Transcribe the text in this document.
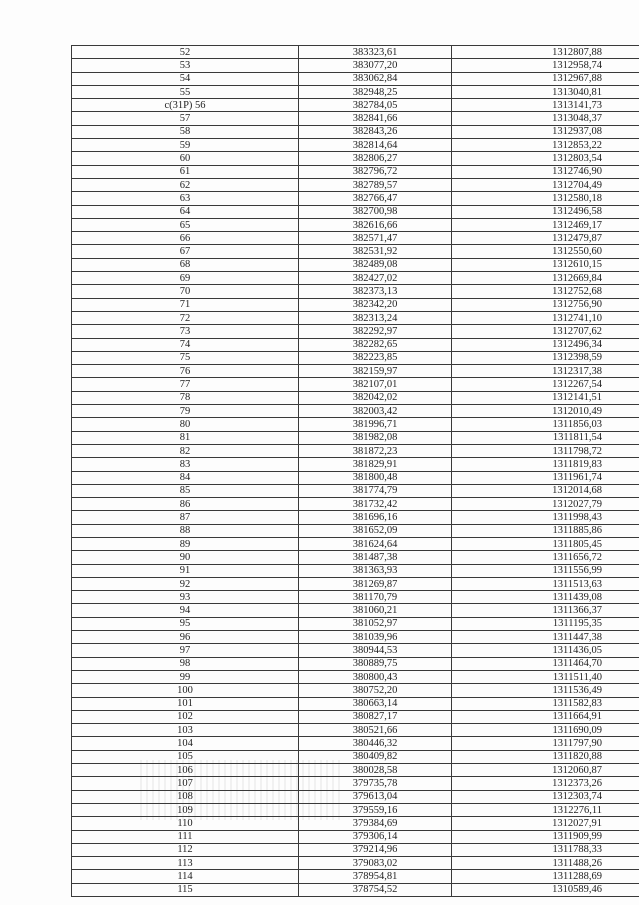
52	383323,61	1312807,88
53	383077,20	1312958,74
54	383062,84	1312967,88
55	382948,25	1313040,81
c(31P) 56	382784,05	1313141,73
57	382841,66	1313048,37
58	382843,26	1312937,08
59	382814,64	1312853,22
60	382806,27	1312803,54
61	382796,72	1312746,90
62	382789,57	1312704,49
63	382766,47	1312580,18
64	382700,98	1312496,58
65	382616,66	1312469,17
66	382571,47	1312479,87
67	382531,92	1312550,60
68	382489,08	1312610,15
69	382427,02	1312669,84
70	382373,13	1312752,68
71	382342,20	1312756,90
72	382313,24	1312741,10
73	382292,97	1312707,62
74	382282,65	1312496,34
75	382223,85	1312398,59
76	382159,97	1312317,38
77	382107,01	1312267,54
78	382042,02	1312141,51
79	382003,42	1312010,49
80	381996,71	1311856,03
81	381982,08	1311811,54
82	381872,23	1311798,72
83	381829,91	1311819,83
84	381800,48	1311961,74
85	381774,79	1312014,68
86	381732,42	1312027,79
87	381696,16	1311998,43
88	381652,09	1311885,86
89	381624,64	1311805,45
90	381487,38	1311656,72
91	381363,93	1311556,99
92	381269,87	1311513,63
93	381170,79	1311439,08
94	381060,21	1311366,37
95	381052,97	1311195,35
96	381039,96	1311447,38
97	380944,53	1311436,05
98	380889,75	1311464,70
99	380800,43	1311511,40
100	380752,20	1311536,49
101	380663,14	1311582,83
102	380827,17	1311664,91
103	380521,66	1311690,09
104	380446,32	1311797,90
105	380409,82	1311820,88
106	380028,58	1312060,87
107	379735,78	1312373,26
108	379613,04	1312303,74
109	379559,16	1312276,11
110	379384,69	1312027,91
111	379306,14	1311909,99
112	379214,96	1311788,33
113	379083,02	1311488,26
114	378954,81	1311288,69
115	378754,52	1310589,46
